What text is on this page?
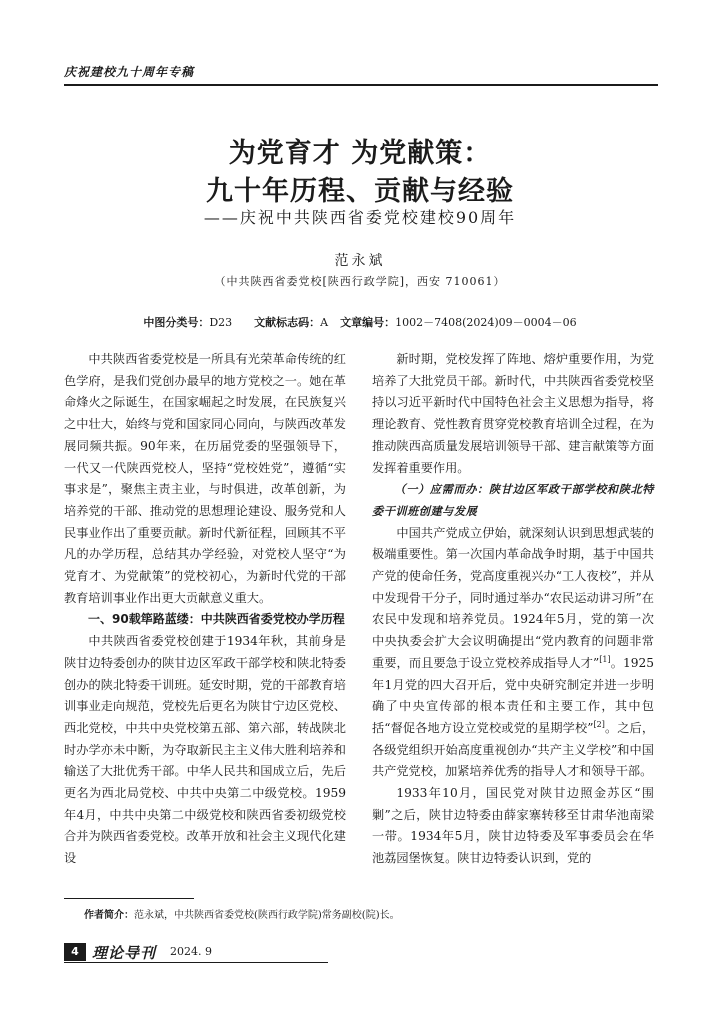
庆祝建校九十周年专稿
为党育才 为党献策：
九十年历程、贡献与经验
——庆祝中共陕西省委党校建校90周年
范永斌
（中共陕西省委党校[陕西行政学院]，西安 710061）
中图分类号：D23 文献标志码：A 文章编号：1002－7408(2024)09－0004－06

中共陕西省委党校是一所具有光荣革命传统的红色学府，是我们党创办最早的地方党校之一。她在革命烽火之际诞生，在国家崛起之时发展，在民族复兴之中壮大，始终与党和国家同心同向，与陕西改革发展同频共振。90年来，在历届党委的坚强领导下，一代又一代陕西党校人，坚持“党校姓党”，遵循“实事求是”，聚焦主责主业，与时俱进，改革创新，为培养党的干部、推动党的思想理论建设、服务党和人民事业作出了重要贡献。新时代新征程，回顾其不平凡的办学历程，总结其办学经验，对党校人坚守“为党育才、为党献策”的党校初心，为新时代党的干部教育培训事业作出更大贡献意义重大。

一、90载筚路蓝缕：中共陕西省委党校办学历程

中共陕西省委党校创建于1934年秋，其前身是陕甘边特委创办的陕甘边区军政干部学校和陕北特委创办的陕北特委干训班。延安时期，党的干部教育培训事业走向规范，党校先后更名为陕甘宁边区党校、西北党校，中共中央党校第五部、第六部，转战陕北时办学亦未中断，为夺取新民主主义伟大胜利培养和输送了大批优秀干部。中华人民共和国成立后，先后更名为西北局党校、中共中央第二中级党校。1959年4月，中共中央第二中级党校和陕西省委初级党校合并为陕西省委党校。改革开放和社会主义现代化建设

新时期，党校发挥了阵地、熔炉重要作用，为党培养了大批党员干部。新时代，中共陕西省委党校坚持以习近平新时代中国特色社会主义思想为指导，将理论教育、党性教育贯穿党校教育培训全过程，在为推动陕西高质量发展培训领导干部、建言献策等方面发挥着重要作用。

（一）应需而办：陕甘边区军政干部学校和陕北特委干训班创建与发展

中国共产党成立伊始，就深刻认识到思想武装的极端重要性。第一次国内革命战争时期，基于中国共产党的使命任务，党高度重视兴办“工人夜校”，并从中发现骨干分子，同时通过举办“农民运动讲习所”在农民中发现和培养党员。1924年5月，党的第一次中央执委会扩大会议明确提出“党内教育的问题非常重要，而且要急于设立党校养成指导人才”[1]。1925年1月党的四大召开后，党中央研究制定并进一步明确了中央宣传部的根本责任和主要工作，其中包括“督促各地方设立党校或党的星期学校”[2]。之后，各级党组织开始高度重视创办“共产主义学校”和中国共产党党校，加紧培养优秀的指导人才和领导干部。

1933年10月，国民党对陕甘边照金苏区“围剿”之后，陕甘边特委由薛家寨转移至甘肃华池南梁一带。1934年5月，陕甘边特委及军事委员会在华池荔园堡恢复。陕甘边特委认识到，党的

作者简介：范永斌，中共陕西省委党校(陕西行政学院)常务副校(院)长。
4 理论导刊 2024. 9
